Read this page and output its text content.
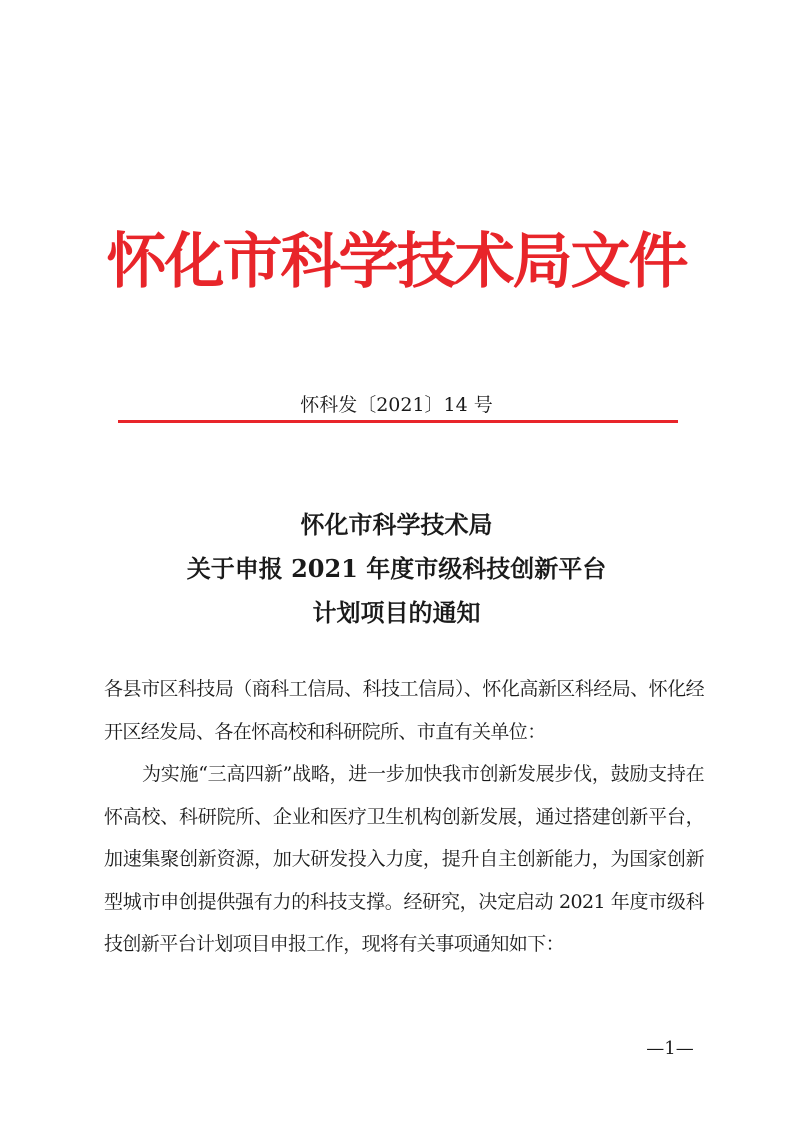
怀化市科学技术局文件
怀科发〔2021〕14 号
怀化市科学技术局
关于申报 2021 年度市级科技创新平台
计划项目的通知

各县市区科技局（商科工信局、科技工信局）、怀化高新区科经局、怀化经开区经发局、各在怀高校和科研院所、市直有关单位：

为实施“三高四新”战略，进一步加快我市创新发展步伐，鼓励支持在怀高校、科研院所、企业和医疗卫生机构创新发展，通过搭建创新平台，加速集聚创新资源，加大研发投入力度，提升自主创新能力，为国家创新型城市申创提供强有力的科技支撑。经研究，决定启动 2021 年度市级科技创新平台计划项目申报工作，现将有关事项通知如下：

—1—
